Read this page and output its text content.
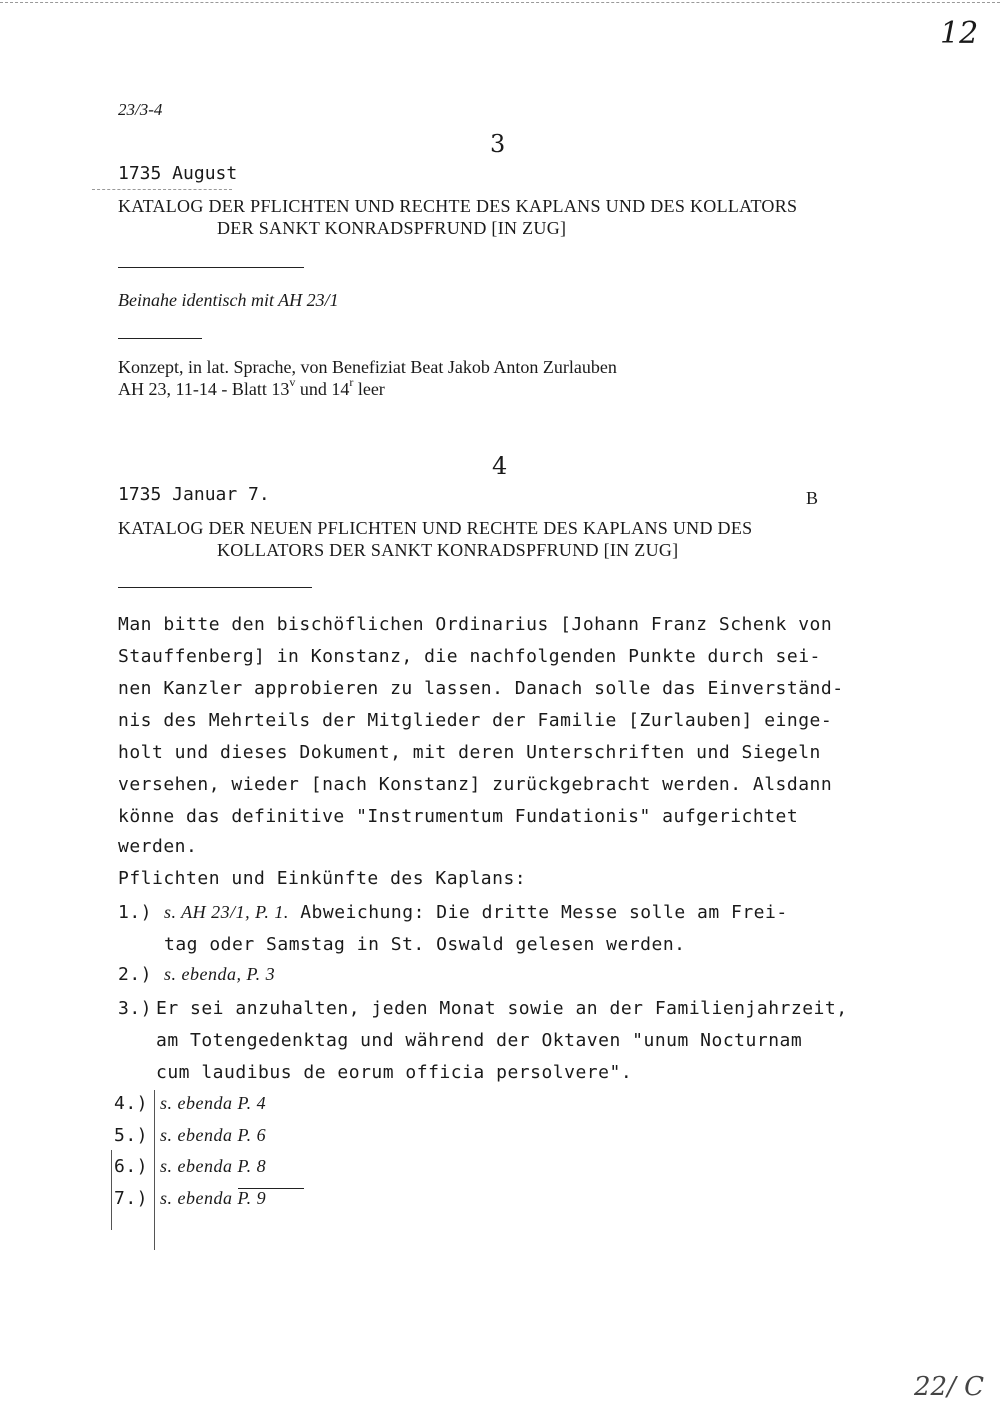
12
23/3-4
3
1735 August
KATALOG DER PFLICHTEN UND RECHTE DES KAPLANS UND DES KOLLATORS
DER SANKT KONRADSPFRUND [IN ZUG]
Beinahe identisch mit AH 23/1
Konzept, in lat. Sprache, von Benefiziat Beat Jakob Anton Zurlauben
AH 23, 11-14 - Blatt 13$^v$ und 14$^r$ leer
4
1735 Januar 7.	B
KATALOG DER NEUEN PFLICHTEN UND RECHTE DES KAPLANS UND DES
KOLLATORS DER SANKT KONRADSPFRUND [IN ZUG]
Man bitte den bischöflichen Ordinarius [Johann Franz Schenk von
Stauffenberg] in Konstanz, die nachfolgenden Punkte durch sei-
nen Kanzler approbieren zu lassen. Danach solle das Einverständ-
nis des Mehrteils der Mitglieder der Familie [Zurlauben] einge-
holt und dieses Dokument, mit deren Unterschriften und Siegeln
versehen, wieder [nach Konstanz] zurückgebracht werden. Alsdann
könne das definitive "Instrumentum Fundationis" aufgerichtet
werden.
Pflichten und Einkünfte des Kaplans:
1.) s. AH 23/1, P. 1. Abweichung: Die dritte Messe solle am Frei-
tag oder Samstag in St. Oswald gelesen werden.
2.) s. ebenda, P. 3
3.) Er sei anzuhalten, jeden Monat sowie an der Familienjahrzeit,
am Totengedenktag und während der Oktaven "unum Nocturnam
cum laudibus de eorum officia persolvere".
4.) s. ebenda P. 4
5.) s. ebenda P. 6
6.) s. ebenda P. 8
7.) s. ebenda P. 9
22/ C
